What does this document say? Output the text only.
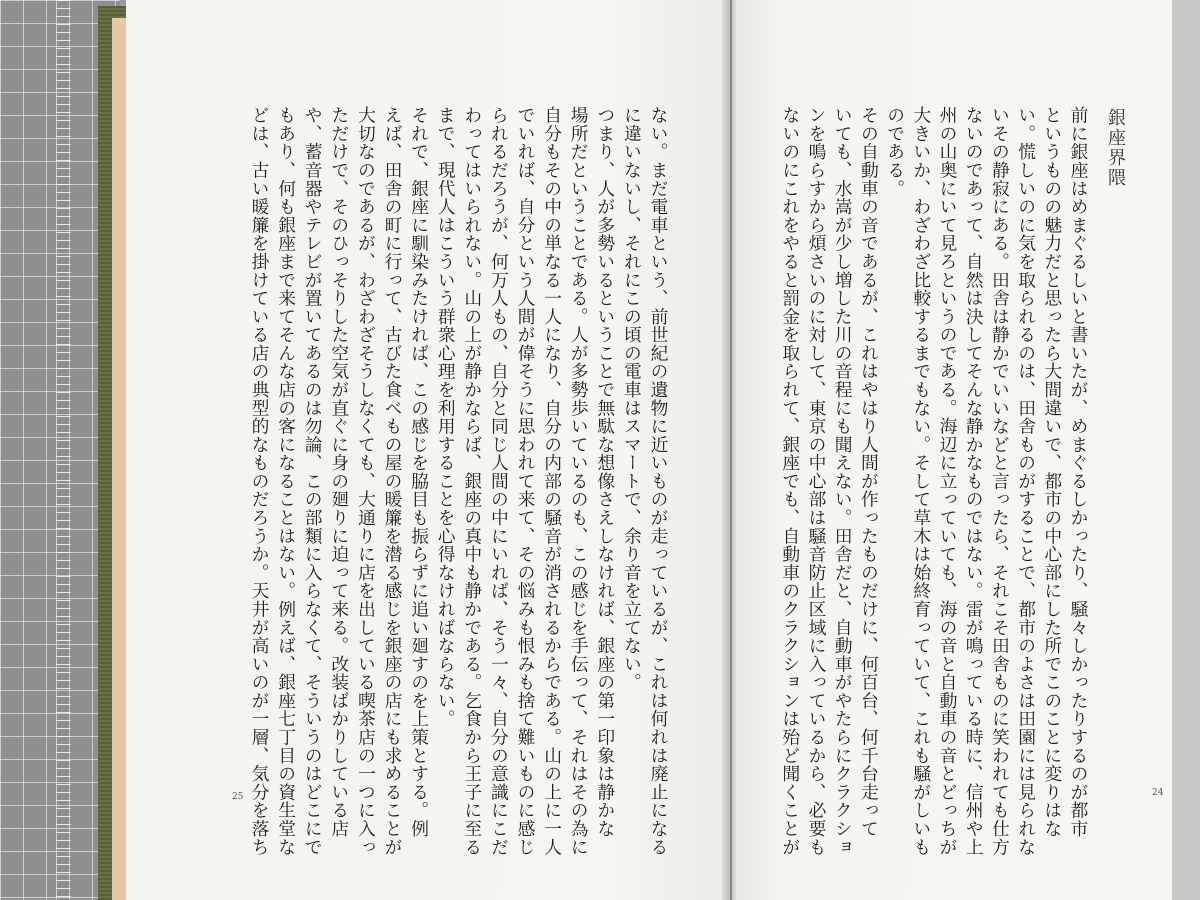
銀座界隈
前に銀座はめまぐるしいと書いたが、めまぐるしかったり、騒々しかったりするのが都市
というものの魅力だと思ったら大間違いで、都市の中心部にした所でこのことに変りはな
い。慌しいのに気を取られるのは、田舎ものがすることで、都市のよさは田園には見られな
いその静寂にある。田舎は静かでいいなどと言ったら、それこそ田舎ものに笑われても仕方
ないのであって、自然は決してそんな静かなものではない。雷が鳴っている時に、信州や上
州の山奥にいて見ろというのである。海辺に立っていても、海の音と自動車の音とどっちが
大きいか、わざわざ比較するまでもない。そして草木は始終育っていて、これも騒がしいも
のである。
その自動車の音であるが、これはやはり人間が作ったものだけに、何百台、何千台走って
いても、水嵩が少し増した川の音程にも聞えない。田舎だと、自動車がやたらにクラクショ
ンを鳴らすから煩さいのに対して、東京の中心部は騒音防止区域に入っているから、必要も
ないのにこれをやると罰金を取られて、銀座でも、自動車のクラクションは殆ど聞くことが
ない。まだ電車という、前世紀の遺物に近いものが走っているが、これは何れは廃止になる
に違いないし、それにこの頃の電車はスマートで、余り音を立てない。
つまり、人が多勢いるということで無駄な想像さえしなければ、銀座の第一印象は静かな
場所だということである。人が多勢歩いているのも、この感じを手伝って、それはその為に
自分もその中の単なる一人になり、自分の内部の騒音が消されるからである。山の上に一人
でいれば、自分という人間が偉そうに思われて来て、その悩みも恨みも捨て難いものに感じ
られるだろうが、何万人もの、自分と同じ人間の中にいれば、そう一々、自分の意識にこだ
わってはいられない。山の上が静かならば、銀座の真中も静かである。乞食から王子に至る
まで、現代人はこういう群衆心理を利用することを心得なければならない。
それで、銀座に馴染みたければ、この感じを脇目も振らずに追い廻すのを上策とする。例
えば、田舎の町に行って、古びた食べもの屋の暖簾を潜る感じを銀座の店にも求めることが
大切なのであるが、わざわざそうしなくても、大通りに店を出している喫茶店の一つに入っ
ただけで、そのひっそりした空気が直ぐに身の廻りに迫って来る。改装ばかりしている店
や、蓄音器やテレビが置いてあるのは勿論、この部類に入らなくて、そういうのはどこにで
もあり、何も銀座まで来てそんな店の客になることはない。例えば、銀座七丁目の資生堂な
どは、古い暖簾を掛けている店の典型的なものだろうか。天井が高いのが一層、気分を落ち
25	24
